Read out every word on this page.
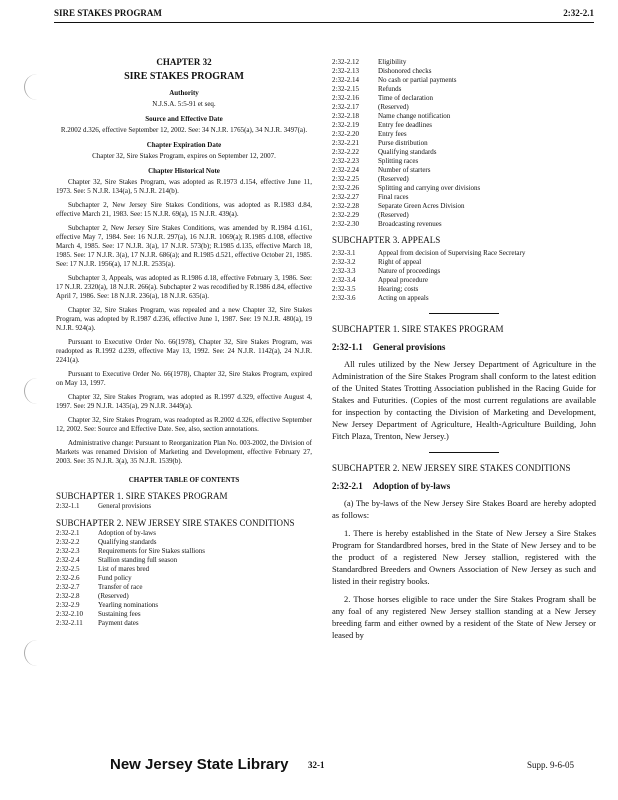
SIRE STAKES PROGRAM	2:32-2.1
CHAPTER 32
SIRE STAKES PROGRAM
Authority
N.J.S.A. 5:5-91 et seq.
Source and Effective Date
R.2002 d.326, effective September 12, 2002. See: 34 N.J.R. 1765(a), 34 N.J.R. 3497(a).
Chapter Expiration Date
Chapter 32, Sire Stakes Program, expires on September 12, 2007.
Chapter Historical Note

Chapter 32, Sire Stakes Program, was adopted as R.1973 d.154, effective June 11, 1973. See: 5 N.J.R. 134(a), 5 N.J.R. 214(b).

Subchapter 2, New Jersey Sire Stakes Conditions, was adopted as R.1983 d.84, effective March 21, 1983. See: 15 N.J.R. 69(a), 15 N.J.R. 439(a).

Subchapter 2, New Jersey Sire Stakes Conditions, was amended by R.1984 d.161, effective May 7, 1984. See: 16 N.J.R. 297(a), 16 N.J.R. 1069(a); R.1985 d.108, effective March 4, 1985. See: 17 N.J.R. 3(a), 17 N.J.R. 573(b); R.1985 d.135, effective March 18, 1985. See: 17 N.J.R. 3(a), 17 N.J.R. 686(a); and R.1985 d.521, effective October 21, 1985. See: 17 N.J.R. 1956(a), 17 N.J.R. 2535(a).

Subchapter 3, Appeals, was adopted as R.1986 d.18, effective February 3, 1986. See: 17 N.J.R. 2320(a), 18 N.J.R. 266(a). Subchapter 2 was recodified by R.1986 d.84, effective April 7, 1986. See: 18 N.J.R. 236(a), 18 N.J.R. 635(a).

Chapter 32, Sire Stakes Program, was repealed and a new Chapter 32, Sire Stakes Program, was adopted by R.1987 d.236, effective June 1, 1987. See: 19 N.J.R. 480(a), 19 N.J.R. 924(a).

Pursuant to Executive Order No. 66(1978), Chapter 32, Sire Stakes Program, was readopted as R.1992 d.239, effective May 13, 1992. See: 24 N.J.R. 1142(a), 24 N.J.R. 2241(a).

Pursuant to Executive Order No. 66(1978), Chapter 32, Sire Stakes Program, expired on May 13, 1997.

Chapter 32, Sire Stakes Program, was adopted as R.1997 d.329, effective August 4, 1997. See: 29 N.J.R. 1435(a), 29 N.J.R. 3449(a).

Chapter 32, Sire Stakes Program, was readopted as R.2002 d.326, effective September 12, 2002. See: Source and Effective Date. See, also, section annotations.

Administrative change: Pursuant to Reorganization Plan No. 003-2002, the Division of Markets was renamed Division of Marketing and Development, effective February 27, 2003. See: 35 N.J.R. 3(a), 35 N.J.R. 1539(b).

CHAPTER TABLE OF CONTENTS
SUBCHAPTER 1. SIRE STAKES PROGRAM
2:32-1.1	General provisions
SUBCHAPTER 2. NEW JERSEY SIRE STAKES CONDITIONS
2:32-2.1	Adoption of by-laws
2:32-2.2	Qualifying standards
2:32-2.3	Requirements for Sire Stakes stallions
2:32-2.4	Stallion standing full season
2:32-2.5	List of mares bred
2:32-2.6	Fund policy
2:32-2.7	Transfer of race
2:32-2.8	(Reserved)
2:32-2.9	Yearling nominations
2:32-2.10	Sustaining fees
2:32-2.11	Payment dates
2:32-2.12	Eligibility
2:32-2.13	Dishonored checks
2:32-2.14	No cash or partial payments
2:32-2.15	Refunds
2:32-2.16	Time of declaration
2:32-2.17	(Reserved)
2:32-2.18	Name change notification
2:32-2.19	Entry fee deadlines
2:32-2.20	Entry fees
2:32-2.21	Purse distribution
2:32-2.22	Qualifying standards
2:32-2.23	Splitting races
2:32-2.24	Number of starters
2:32-2.25	(Reserved)
2:32-2.26	Splitting and carrying over divisions
2:32-2.27	Final races
2:32-2.28	Separate Green Acres Division
2:32-2.29	(Reserved)
2:32-2.30	Broadcasting revenues
SUBCHAPTER 3. APPEALS
2:32-3.1	Appeal from decision of Supervising Race Secretary
2:32-3.2	Right of appeal
2:32-3.3	Nature of proceedings
2:32-3.4	Appeal procedure
2:32-3.5	Hearing; costs
2:32-3.6	Acting on appeals
SUBCHAPTER 1. SIRE STAKES PROGRAM
2:32-1.1 General provisions

All rules utilized by the New Jersey Department of Agriculture in the Administration of the Sire Stakes Program shall conform to the latest edition of the United States Trotting Association published in the Racing Guide for Stakes and Futurities. (Copies of the most current regulations are available for inspection by contacting the Division of Marketing and Development, New Jersey Department of Agriculture, Health-Agriculture Building, John Fitch Plaza, Trenton, New Jersey.)

SUBCHAPTER 2. NEW JERSEY SIRE STAKES CONDITIONS
2:32-2.1 Adoption of by-laws

(a) The by-laws of the New Jersey Sire Stakes Board are hereby adopted as follows:

1. There is hereby established in the State of New Jersey a Sire Stakes Program for Standardbred horses, bred in the State of New Jersey and to be the product of a registered New Jersey stallion, registered with the Standardbred Breeders and Owners Association of New Jersey as such and listed in their registry books.

2. Those horses eligible to race under the Sire Stakes Program shall be any foal of any registered New Jersey stallion standing at a New Jersey breeding farm and either owned by a resident of the State of New Jersey or leased by

New Jersey State Library 32-1	Supp. 9-6-05
